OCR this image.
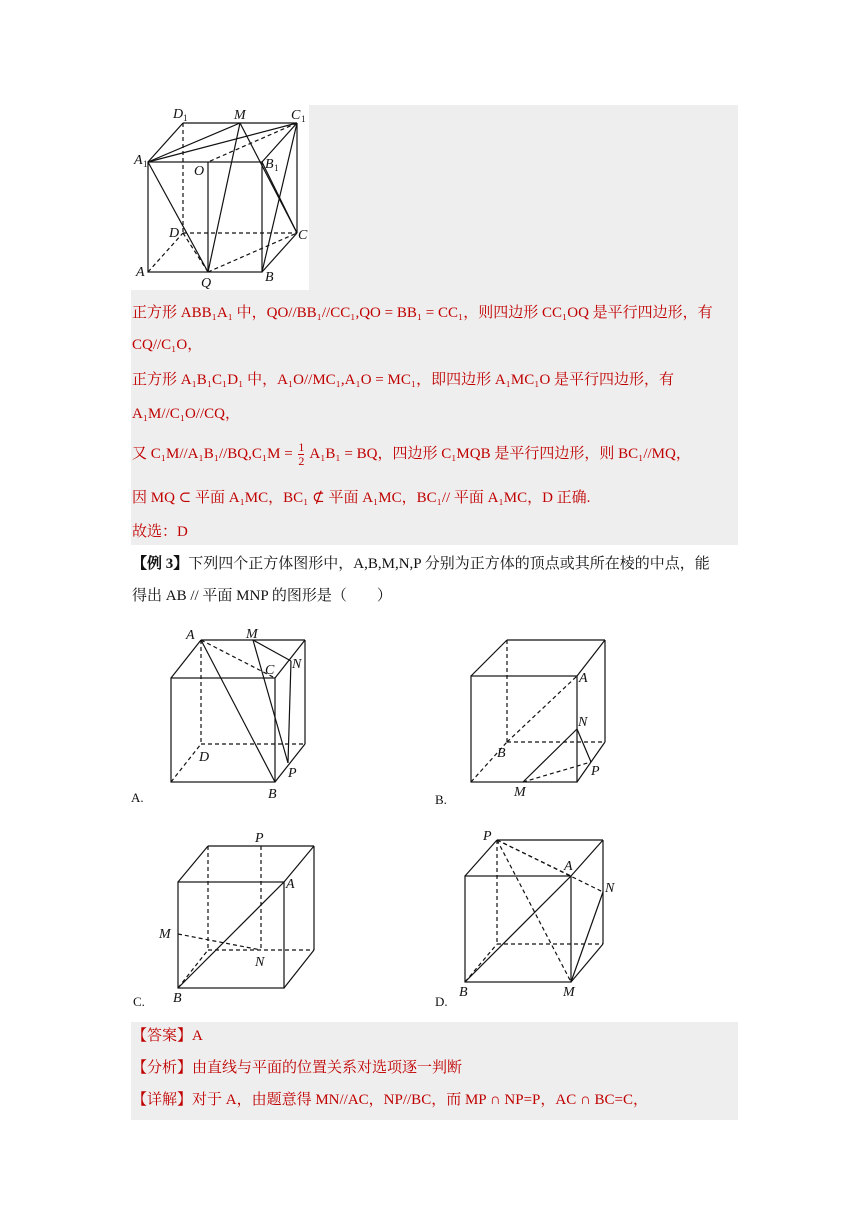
D 1	M	C 1
A 1	O	B 1
D	C
A	B
Q
正方形 ABB₁A₁ 中，QO//BB₁//CC₁,QO = BB₁ = CC₁，则四边形 CC₁OQ 是平行四边形，有
CQ//C₁O，
正方形 A₁B₁C₁D₁ 中，A₁O//MC₁,A₁O = MC₁，即四边形 A₁MC₁O 是平行四边形，有
A₁M//C₁O//CQ，
又 $C_1M//A_1B_1//BQ,C_1M = \frac{1}{2} A_1B_1$ = BQ，四边形 C₁MQB 是平行四边形，则 BC₁//MQ，
因 MQ ⊂ 平面 A₁MC，BC₁ ⊄ 平面 A₁MC，BC₁// 平面 A₁MC，D 正确.
故选：D
【例 3】下列四个正方体图形中，A,B,M,N,P 分别为正方体的顶点或其所在棱的中点，能
得出 AB // 平面 MNP 的图形是（　　）
A	M
C N
D
P
B
A.
A
N
B
P
M
B.
P
A
M
N
B
C.
P
A
N
B	M
D.
【答案】A
【分析】由直线与平面的位置关系对选项逐一判断
【详解】对于 A，由题意得 MN//AC，NP//BC，而 MP ∩ NP=P，AC ∩ BC=C，
